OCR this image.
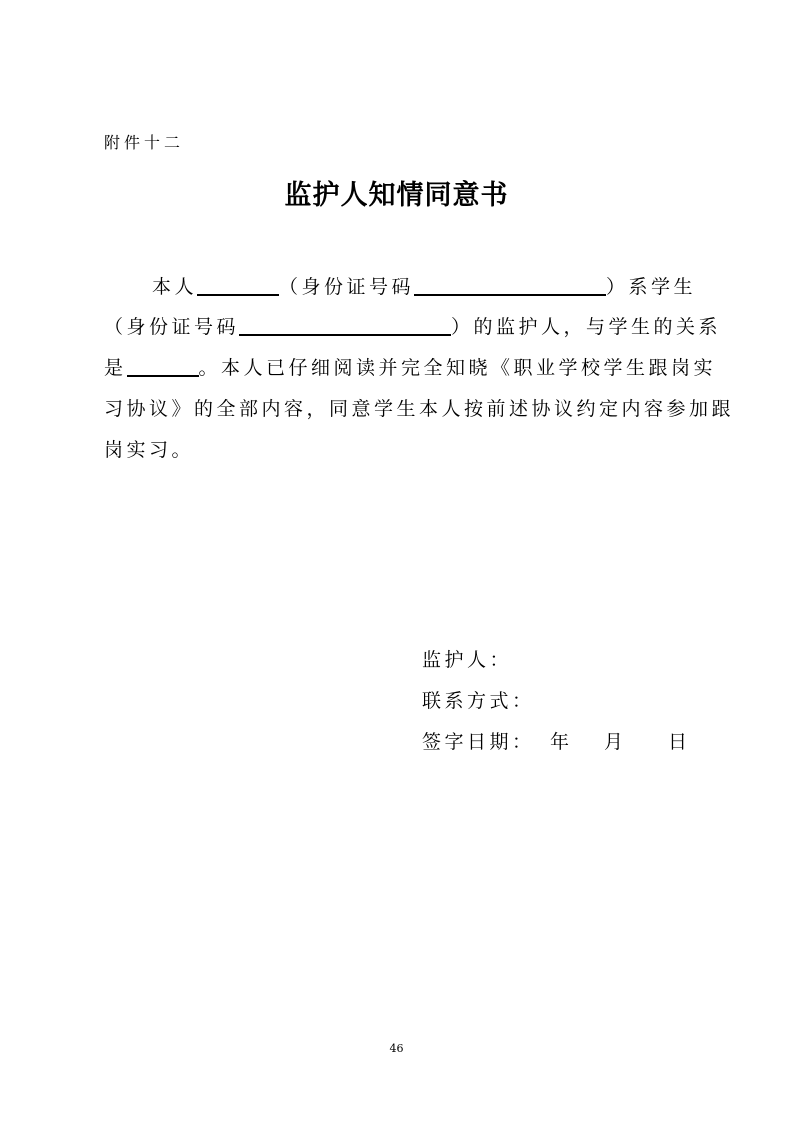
附件十二
监护人知情同意书
本人	（身份证号码	）系学生
（身份证号码	）的监护人，与学生的关系
是	。本人已仔细阅读并完全知晓《职业学校学生跟岗实
习协议》的全部内容，同意学生本人按前述协议约定内容参加跟
岗实习。
监护人：
联系方式：
签字日期： 年 月 日
46
